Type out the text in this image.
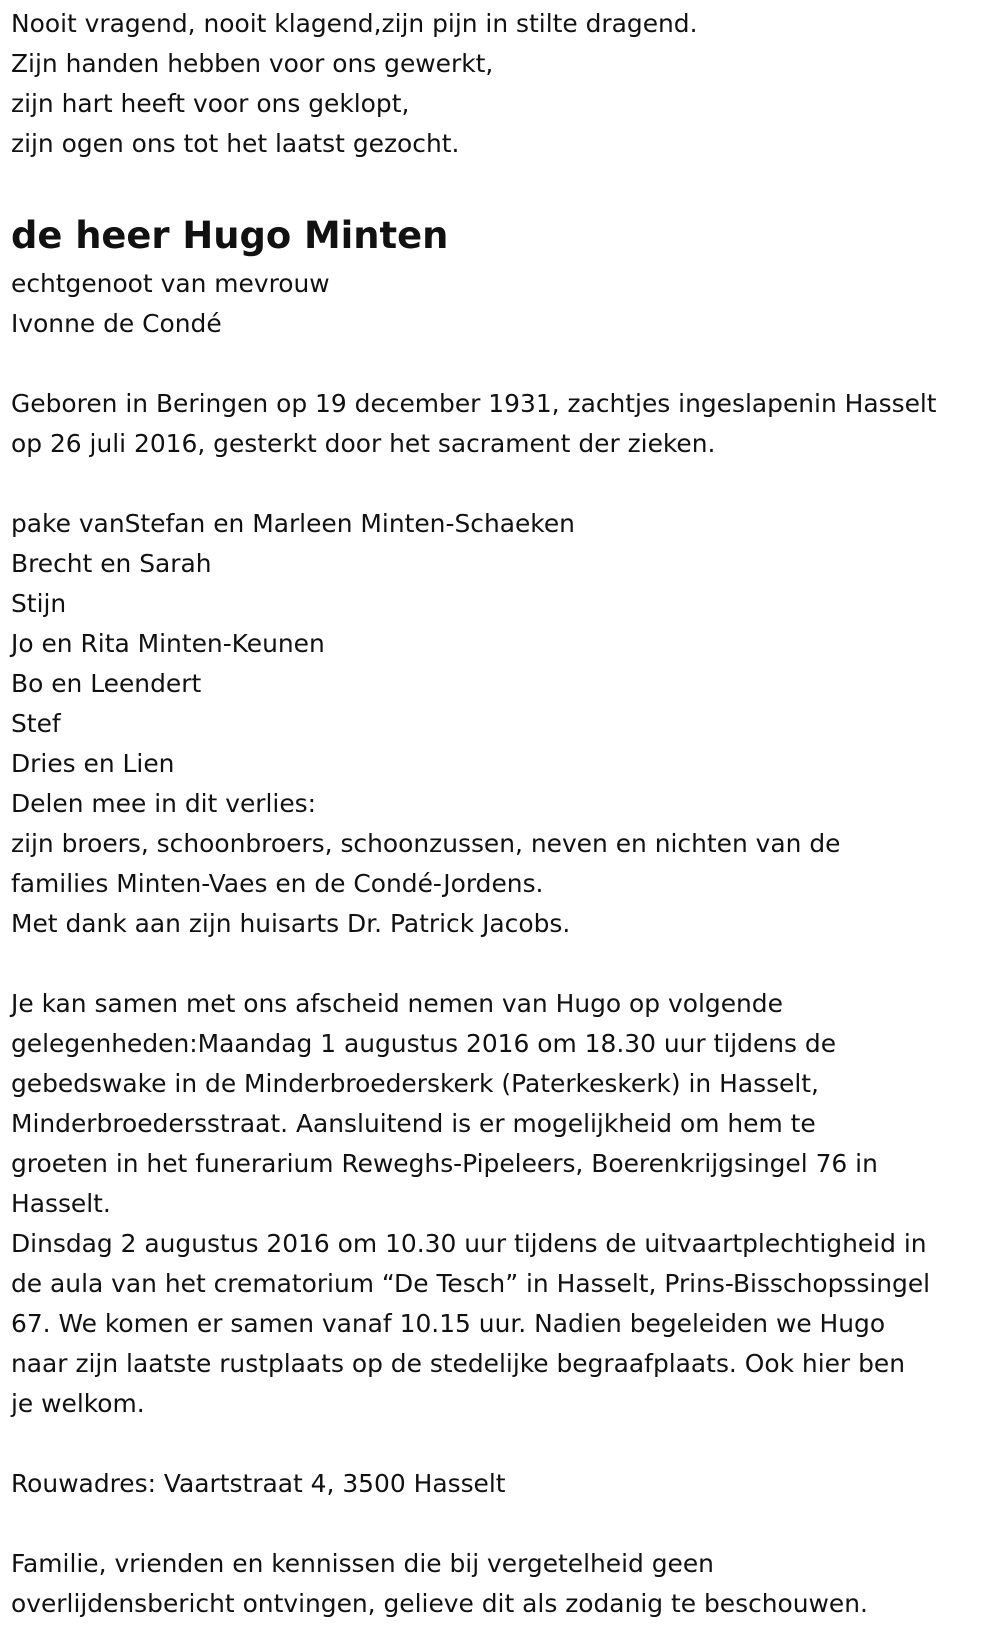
Nooit vragend, nooit klagend,zijn pijn in stilte dragend.
Zijn handen hebben voor ons gewerkt,
zijn hart heeft voor ons geklopt,
zijn ogen ons tot het laatst gezocht.
de heer Hugo Minten
echtgenoot van mevrouw
Ivonne de Condé
Geboren in Beringen op 19 december 1931, zachtjes ingeslapenin Hasselt
op 26 juli 2016, gesterkt door het sacrament der zieken.
pake vanStefan en Marleen Minten-Schaeken
Brecht en Sarah
Stijn
Jo en Rita Minten-Keunen
Bo en Leendert
Stef
Dries en Lien
Delen mee in dit verlies:
zijn broers, schoonbroers, schoonzussen, neven en nichten van de
families Minten-Vaes en de Condé-Jordens.
Met dank aan zijn huisarts Dr. Patrick Jacobs.
Je kan samen met ons afscheid nemen van Hugo op volgende
gelegenheden:Maandag 1 augustus 2016 om 18.30 uur tijdens de
gebedswake in de Minderbroederskerk (Paterkeskerk) in Hasselt,
Minderbroedersstraat. Aansluitend is er mogelijkheid om hem te
groeten in het funerarium Reweghs-Pipeleers, Boerenkrijgsingel 76 in
Hasselt.
Dinsdag 2 augustus 2016 om 10.30 uur tijdens de uitvaartplechtigheid in
de aula van het crematorium “De Tesch” in Hasselt, Prins-Bisschopssingel
67. We komen er samen vanaf 10.15 uur. Nadien begeleiden we Hugo
naar zijn laatste rustplaats op de stedelijke begraafplaats. Ook hier ben
je welkom.
Rouwadres: Vaartstraat 4, 3500 Hasselt
Familie, vrienden en kennissen die bij vergetelheid geen
overlijdensbericht ontvingen, gelieve dit als zodanig te beschouwen.
